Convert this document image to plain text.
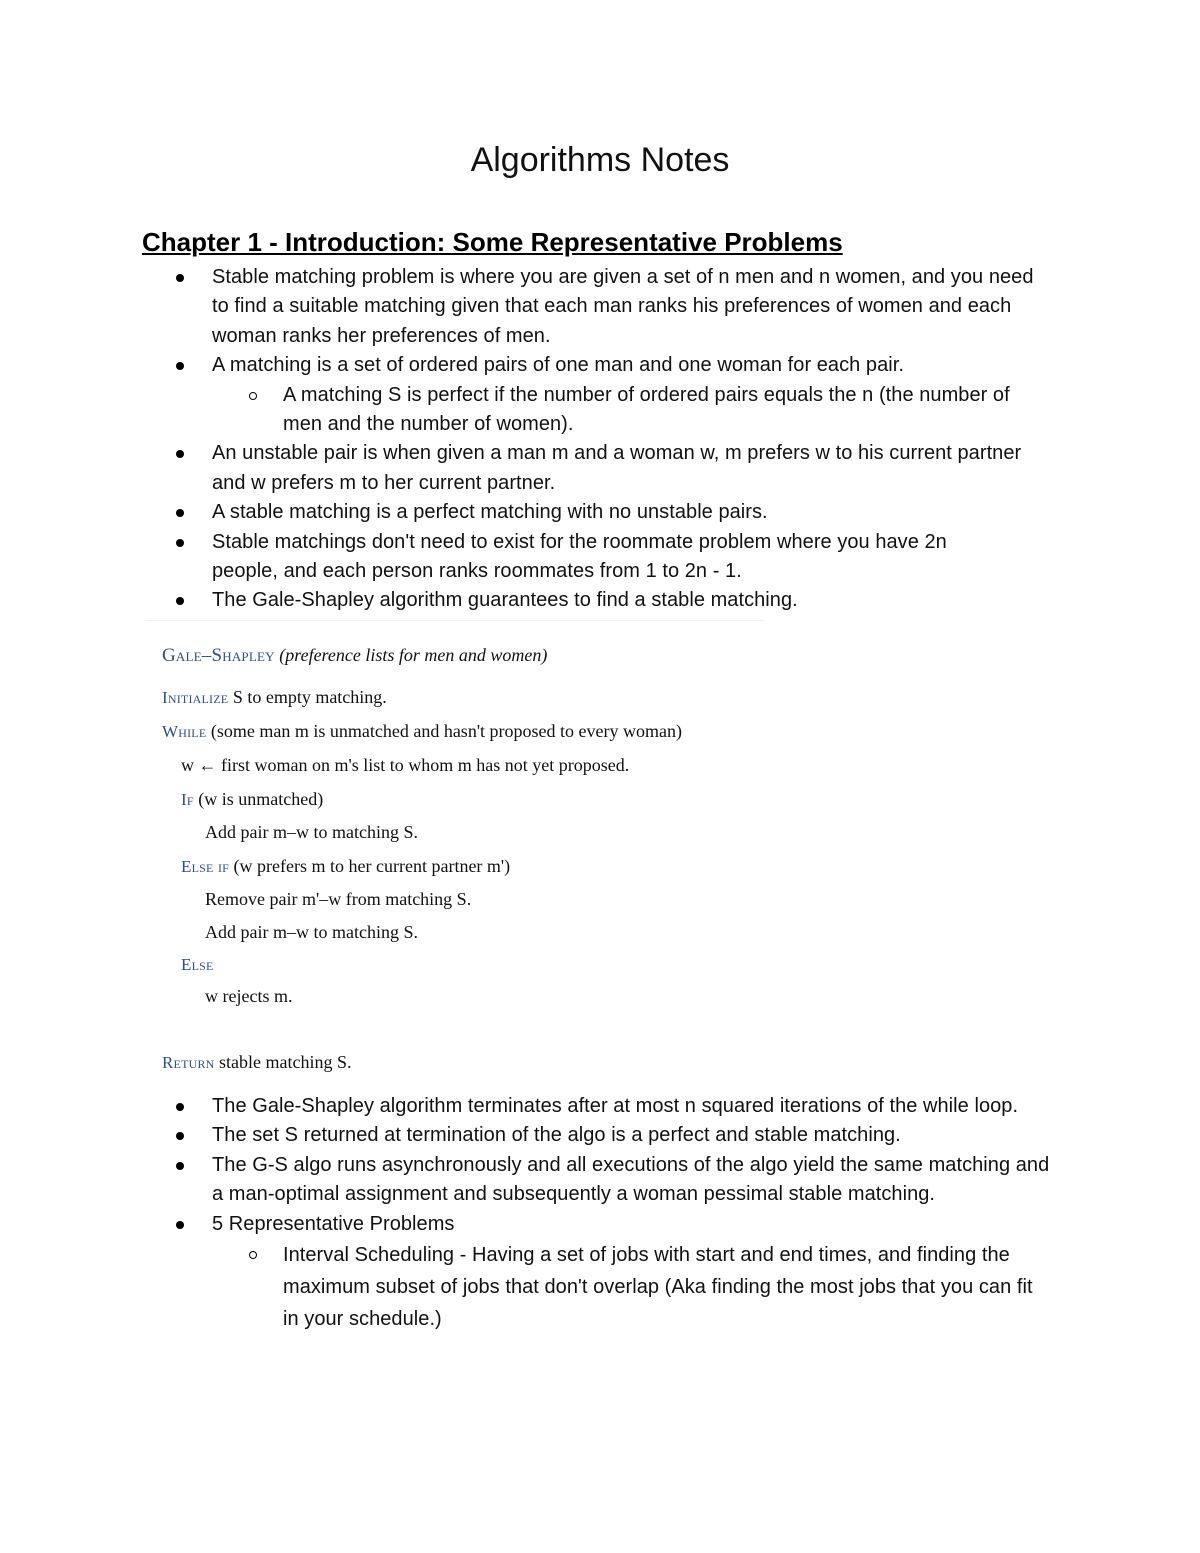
Algorithms Notes
Chapter 1 - Introduction: Some Representative Problems
Stable matching problem is where you are given a set of n men and n women, and you need to find a suitable matching given that each man ranks his preferences of women and each woman ranks her preferences of men.
A matching is a set of ordered pairs of one man and one woman for each pair.
A matching S is perfect if the number of ordered pairs equals the n (the number of men and the number of women).
An unstable pair is when given a man m and a woman w, m prefers w to his current partner and w prefers m to her current partner.
A stable matching is a perfect matching with no unstable pairs.
Stable matchings don't need to exist for the roommate problem where you have 2n people, and each person ranks roommates from 1 to 2n - 1.
The Gale-Shapley algorithm guarantees to find a stable matching.
Gale–Shapley (preference lists for men and women)
Initialize S to empty matching.
While (some man m is unmatched and hasn't proposed to every woman)
w ← first woman on m's list to whom m has not yet proposed.
If (w is unmatched)
Add pair m–w to matching S.
Else if (w prefers m to her current partner m')
Remove pair m'–w from matching S.
Add pair m–w to matching S.
Else
w rejects m.
Return stable matching S.
The Gale-Shapley algorithm terminates after at most n squared iterations of the while loop.
The set S returned at termination of the algo is a perfect and stable matching.
The G-S algo runs asynchronously and all executions of the algo yield the same matching and a man-optimal assignment and subsequently a woman pessimal stable matching.
5 Representative Problems
Interval Scheduling - Having a set of jobs with start and end times, and finding the maximum subset of jobs that don't overlap (Aka finding the most jobs that you can fit in your schedule.)
